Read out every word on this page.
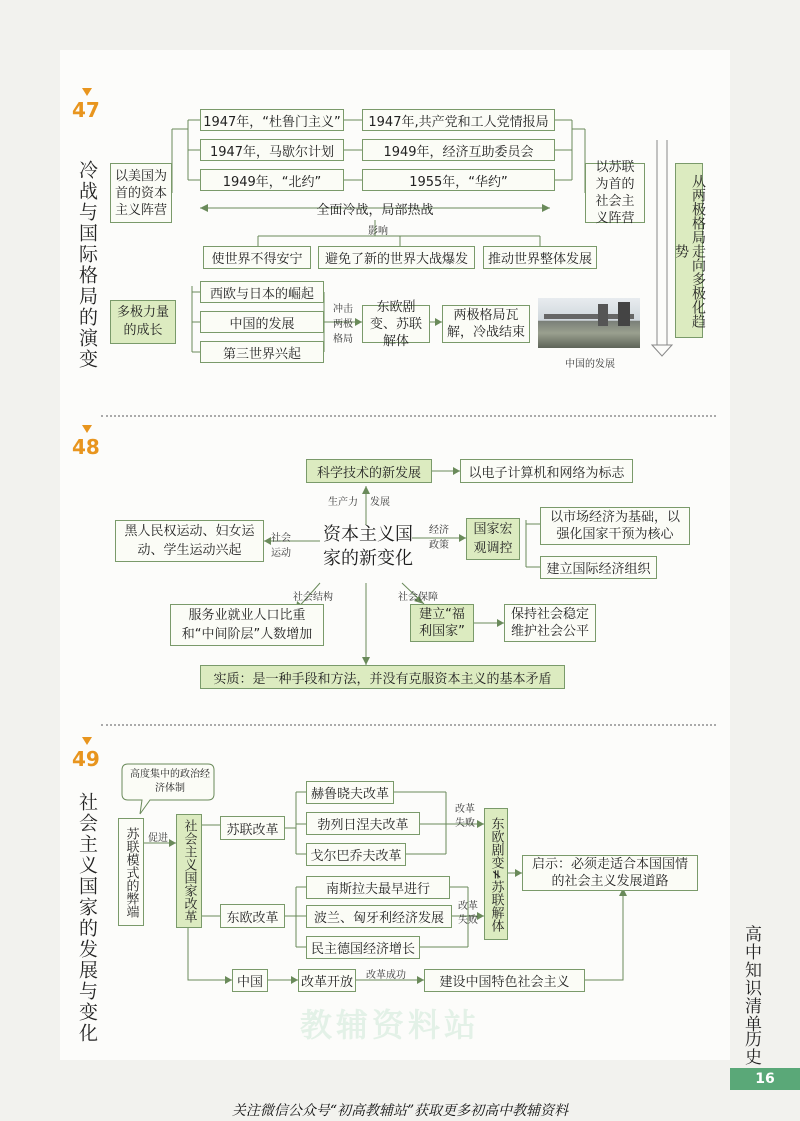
47
冷战与国际格局的演变	以美国为首的资本主义阵营
以苏联为首的社会主义阵营
1947年，“杜鲁门主义”
1947年，马歇尔计划
1949年，“北约”
1947年,共产党和工人党情报局
1949年，经济互助委员会
1955年，“华约”
全面冷战，局部热战
影响
使世界不得安宁	避免了新的世界大战爆发	推动世界整体发展
多极力量的成长
西欧与日本的崛起
中国的发展
第三世界兴起
冲击两极格局
东欧剧变、苏联解体
两极格局瓦解，冷战结束
中国的发展
从两极格局走向多极化趋势
48
科学技术的新发展	以电子计算机和网络为标志
生产力 发展
资本主义国家的新变化
黑人民权运动、妇女运动、学生运动兴起
社会运动
经济政策
国家宏观调控
以市场经济为基础，以强化国家干预为核心
建立国际经济组织
社会结构
服务业就业人口比重和“中间阶层”人数增加
社会保障
建立“福利国家”
保持社会稳定维护社会公平
实质：是一种手段和方法，并没有克服资本主义的基本矛盾
49
社会主义国家的发展与变化
高度集中的政治经济体制
苏联模式的弊端 促进	社会主义国家改革	苏联改革
赫鲁晓夫改革
勃列日涅夫改革
戈尔巴乔夫改革
改革失败
东欧改革
南斯拉夫最早进行
波兰、匈牙利经济发展
民主德国经济增长
改革失败 东欧剧变≠苏联解体	启示：必须走适合本国国情的社会主义发展道路
中国	改革开放	改革成功	建设中国特色社会主义
教辅资料站	高中知识清单
历史
16
关注微信公众号“初高教辅站”获取更多初高中教辅资料
